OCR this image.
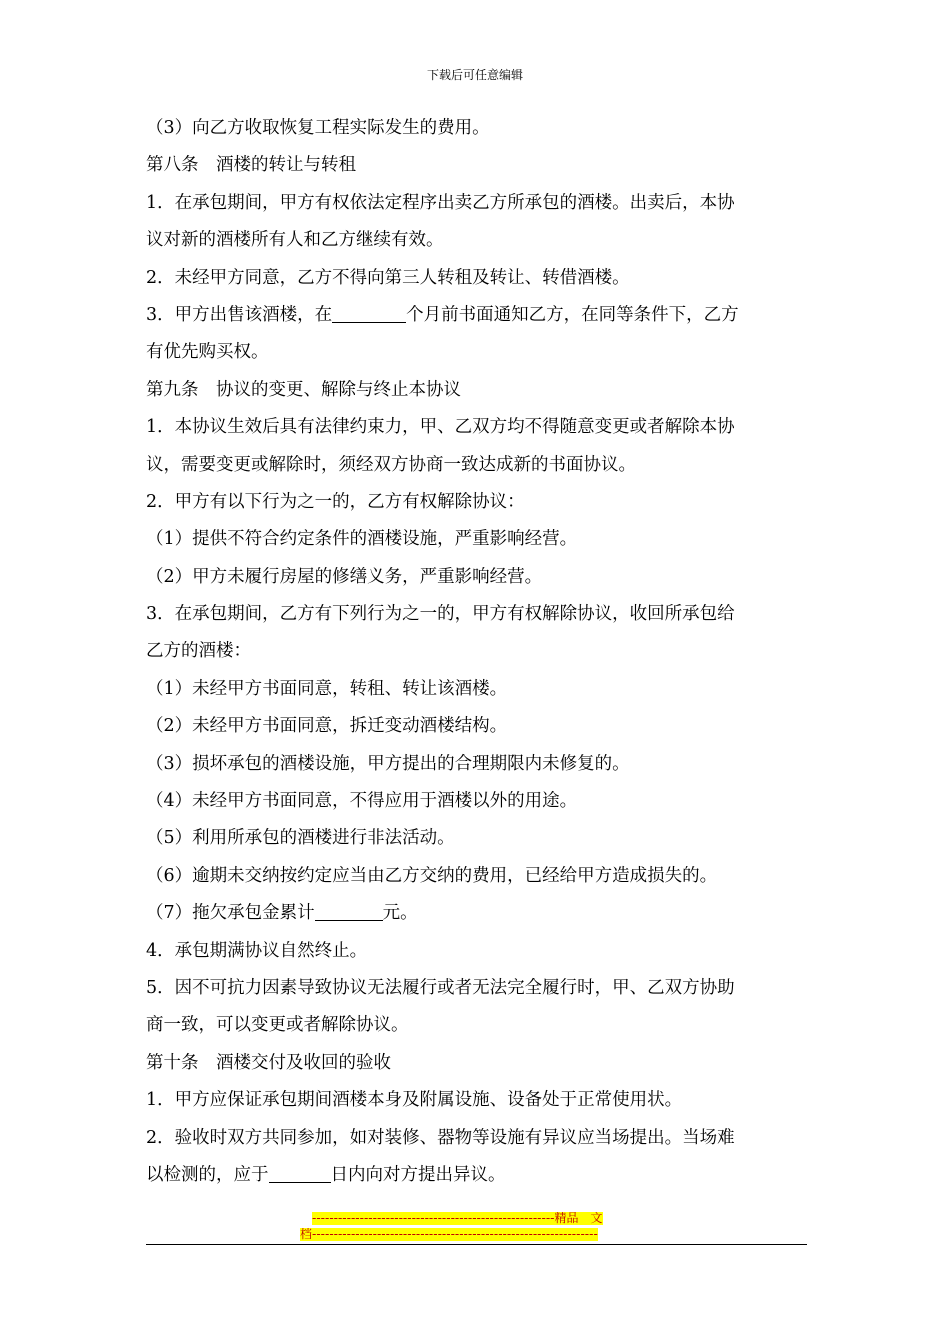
下载后可任意编辑
（3）向乙方收取恢复工程实际发生的费用。
第八条　酒楼的转让与转租
1．在承包期间，甲方有权依法定程序出卖乙方所承包的酒楼。出卖后，本协
议对新的酒楼所有人和乙方继续有效。
2．未经甲方同意，乙方不得向第三人转租及转让、转借酒楼。
3．甲方出售该酒楼，在	个月前书面通知乙方，在同等条件下，乙方
有优先购买权。
第九条　协议的变更、解除与终止本协议
1．本协议生效后具有法律约束力，甲、乙双方均不得随意变更或者解除本协
议，需要变更或解除时，须经双方协商一致达成新的书面协议。
2．甲方有以下行为之一的，乙方有权解除协议：
（1）提供不符合约定条件的酒楼设施，严重影响经营。
（2）甲方未履行房屋的修缮义务，严重影响经营。
3．在承包期间，乙方有下列行为之一的，甲方有权解除协议，收回所承包给
乙方的酒楼：
（1）未经甲方书面同意，转租、转让该酒楼。
（2）未经甲方书面同意，拆迁变动酒楼结构。
（3）损坏承包的酒楼设施，甲方提出的合理期限内未修复的。
（4）未经甲方书面同意，不得应用于酒楼以外的用途。
（5）利用所承包的酒楼进行非法活动。
（6）逾期未交纳按约定应当由乙方交纳的费用，已经给甲方造成损失的。
（7）拖欠承包金累计	元。
4．承包期满协议自然终止。
5．因不可抗力因素导致协议无法履行或者无法完全履行时，甲、乙双方协助
商一致，可以变更或者解除协议。
第十条　酒楼交付及收回的验收
1．甲方应保证承包期间酒楼本身及附属设施、设备处于正常使用状。
2．验收时双方共同参加，如对装修、器物等设施有异议应当场提出。当场难
以检测的，应于	日内向对方提出异议。
--------------------------------------------------------精品　文
档------------------------------------------------------------------
